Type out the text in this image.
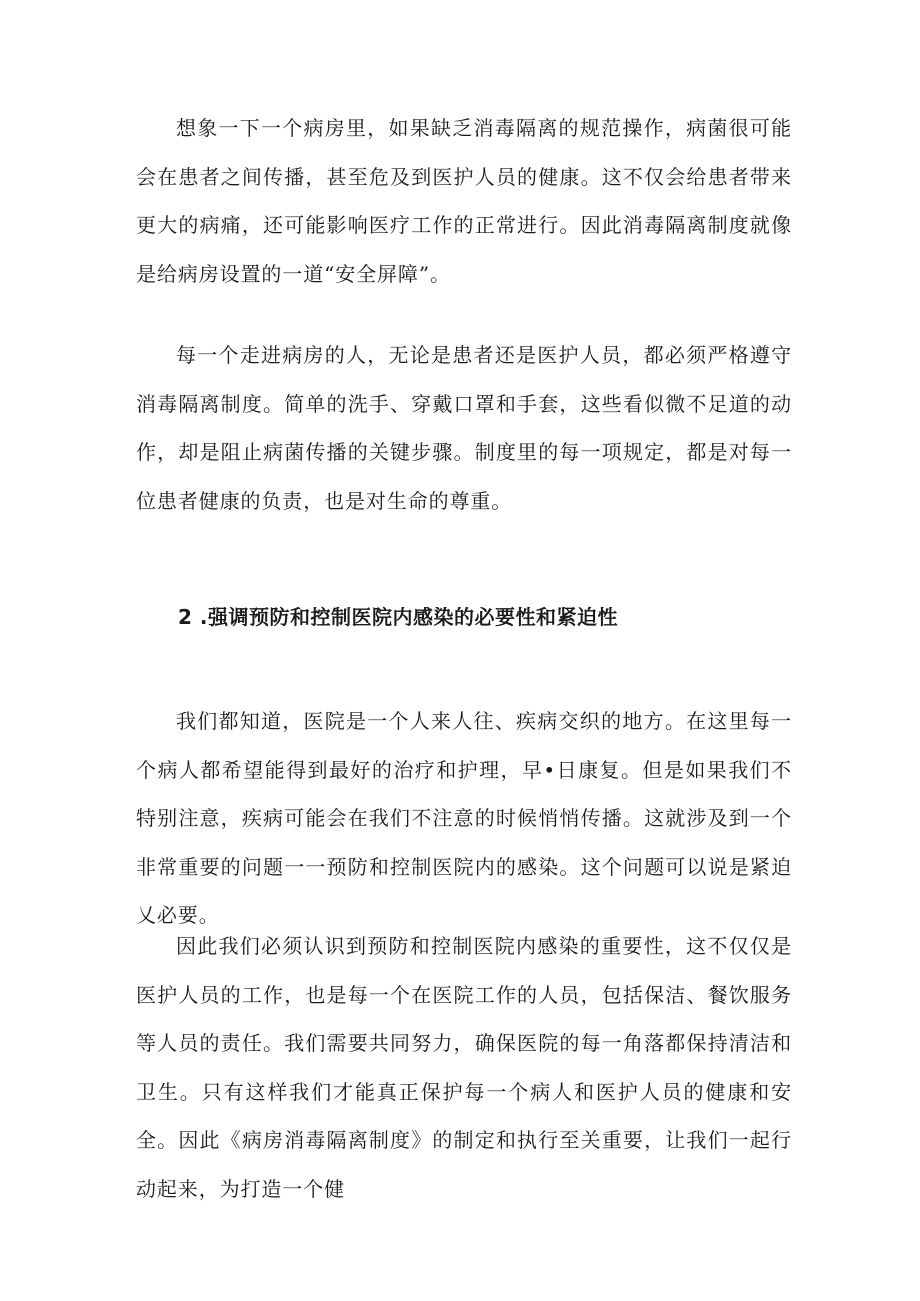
想象一下一个病房里，如果缺乏消毒隔离的规范操作，病菌很可能会在患者之间传播，甚至危及到医护人员的健康。这不仅会给患者带来更大的病痛，还可能影响医疗工作的正常进行。因此消毒隔离制度就像是给病房设置的一道“安全屏障”。

每一个走进病房的人，无论是患者还是医护人员，都必须严格遵守消毒隔离制度。简单的洗手、穿戴口罩和手套，这些看似微不足道的动作，却是阻止病菌传播的关键步骤。制度里的每一项规定，都是对每一位患者健康的负责，也是对生命的尊重。

2 .强调预防和控制医院内感染的必要性和紧迫性

我们都知道，医院是一个人来人往、疾病交织的地方。在这里每一个病人都希望能得到最好的治疗和护理，早•日康复。但是如果我们不特别注意，疾病可能会在我们不注意的时候悄悄传播。这就涉及到一个非常重要的问题一一预防和控制医院内的感染。这个问题可以说是紧迫乂必要。

因此我们必须认识到预防和控制医院内感染的重要性，这不仅仅是医护人员的工作，也是每一个在医院工作的人员，包括保洁、餐饮服务等人员的责任。我们需要共同努力，确保医院的每一角落都保持清洁和卫生。只有这样我们才能真正保护每一个病人和医护人员的健康和安全。因此《病房消毒隔离制度》的制定和执行至关重要，让我们一起行动起来，为打造一个健
